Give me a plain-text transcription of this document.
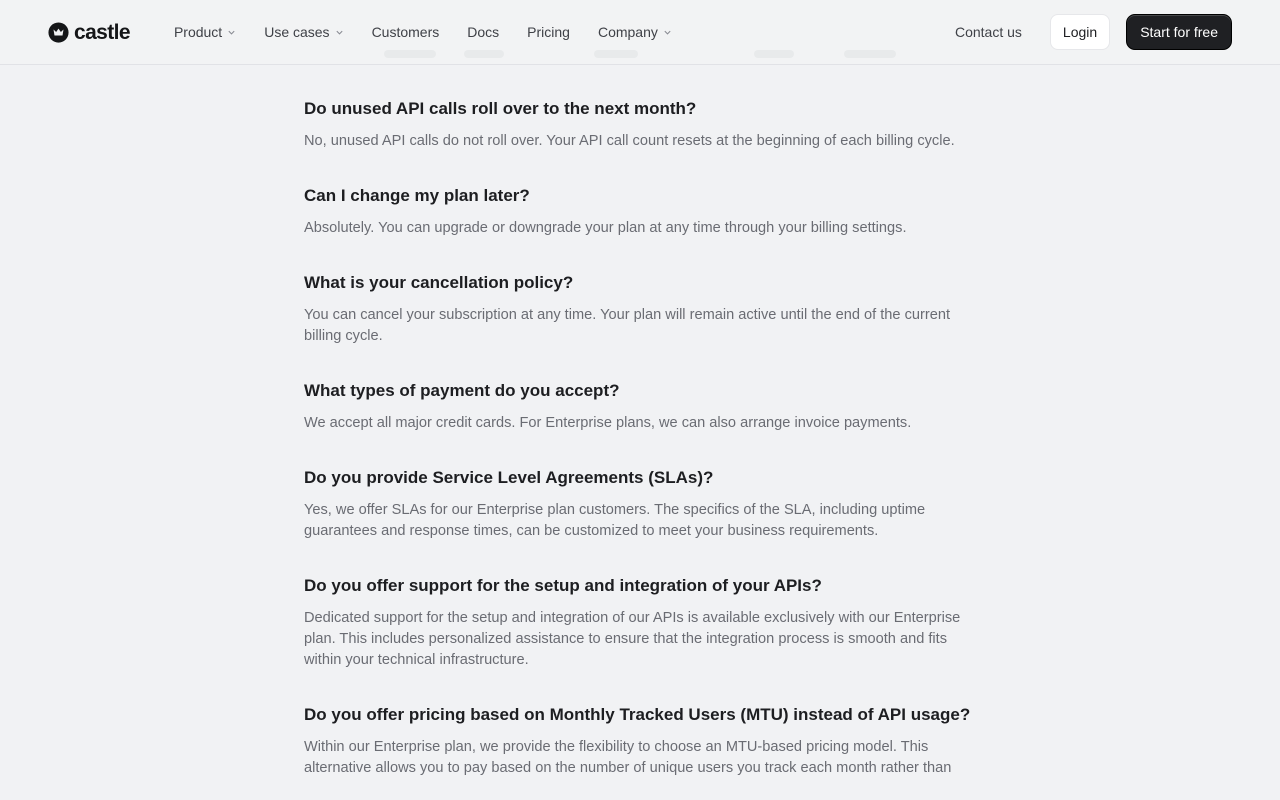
castle	Product	Use cases	Customers Docs Pricing Company	Contact us	Login	Start for free
Do unused API calls roll over to the next month?

No, unused API calls do not roll over. Your API call count resets at the beginning of each billing cycle.

Can I change my plan later?

Absolutely. You can upgrade or downgrade your plan at any time through your billing settings.

What is your cancellation policy?

You can cancel your subscription at any time. Your plan will remain active until the end of the current billing cycle.

What types of payment do you accept?

We accept all major credit cards. For Enterprise plans, we can also arrange invoice payments.

Do you provide Service Level Agreements (SLAs)?

Yes, we offer SLAs for our Enterprise plan customers. The specifics of the SLA, including uptime guarantees and response times, can be customized to meet your business requirements.

Do you offer support for the setup and integration of your APIs?

Dedicated support for the setup and integration of our APIs is available exclusively with our Enterprise plan. This includes personalized assistance to ensure that the integration process is smooth and fits within your technical infrastructure.

Do you offer pricing based on Monthly Tracked Users (MTU) instead of API usage?

Within our Enterprise plan, we provide the flexibility to choose an MTU-based pricing model. This alternative allows you to pay based on the number of unique users you track each month rather than
